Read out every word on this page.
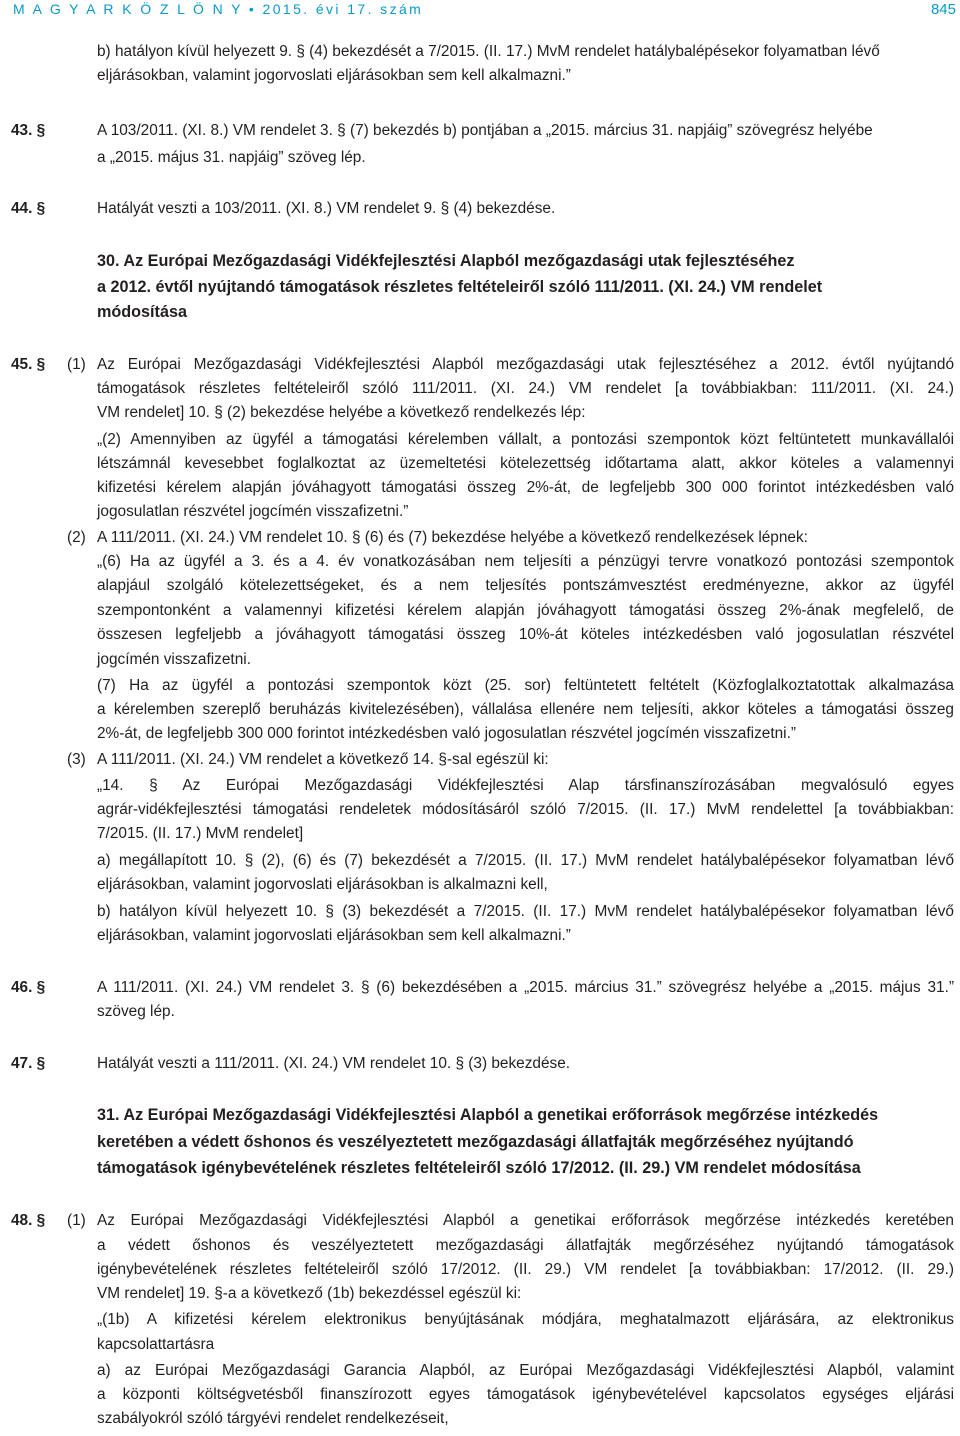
M A G Y A R K Ö Z L Ö N Y • 2015. évi 17. szám	845
b) hatályon kívül helyezett 9. § (4) bekezdését a 7/2015. (II. 17.) MvM rendelet hatálybalépésekor folyamatban lévő
eljárásokban, valamint jogorvoslati eljárásokban sem kell alkalmazni.”
43. §	A 103/2011. (XI. 8.) VM rendelet 3. § (7) bekezdés b) pontjában a „2015. március 31. napjáig” szövegrész helyébe
a „2015. május 31. napjáig” szöveg lép.
44. §	Hatályát veszti a 103/2011. (XI. 8.) VM rendelet 9. § (4) bekezdése.
30. Az Európai Mezőgazdasági Vidékfejlesztési Alapból mezőgazdasági utak fejlesztéséhez
a 2012. évtől nyújtandó támogatások részletes feltételeiről szóló 111/2011. (XI. 24.) VM rendelet
módosítása
45. § (1) Az Európai Mezőgazdasági Vidékfejlesztési Alapból mezőgazdasági utak fejlesztéséhez a 2012. évtől nyújtandó
támogatások részletes feltételeiről szóló 111/2011. (XI. 24.) VM rendelet [a továbbiakban: 111/2011. (XI. 24.)
VM rendelet] 10. § (2) bekezdése helyébe a következő rendelkezés lép:
„(2) Amennyiben az ügyfél a támogatási kérelemben vállalt, a pontozási szempontok közt feltüntetett munkavállalói
létszámnál kevesebbet foglalkoztat az üzemeltetési kötelezettség időtartama alatt, akkor köteles a valamennyi
kifizetési kérelem alapján jóváhagyott támogatási összeg 2%-át, de legfeljebb 300 000 forintot intézkedésben való
jogosulatlan részvétel jogcímén visszafizetni.”
(2) A 111/2011. (XI. 24.) VM rendelet 10. § (6) és (7) bekezdése helyébe a következő rendelkezések lépnek:
„(6) Ha az ügyfél a 3. és a 4. év vonatkozásában nem teljesíti a pénzügyi tervre vonatkozó pontozási szempontok
alapjául szolgáló kötelezettségeket, és a nem teljesítés pontszámvesztést eredményezne, akkor az ügyfél
szempontonként a valamennyi kifizetési kérelem alapján jóváhagyott támogatási összeg 2%-ának megfelelő, de
összesen legfeljebb a jóváhagyott támogatási összeg 10%-át köteles intézkedésben való jogosulatlan részvétel
jogcímén visszafizetni.
(7) Ha az ügyfél a pontozási szempontok közt (25. sor) feltüntetett feltételt (Közfoglalkoztatottak alkalmazása
a kérelemben szereplő beruházás kivitelezésében), vállalása ellenére nem teljesíti, akkor köteles a támogatási összeg
2%-át, de legfeljebb 300 000 forintot intézkedésben való jogosulatlan részvétel jogcímén visszafizetni.”
(3) A 111/2011. (XI. 24.) VM rendelet a következő 14. §-sal egészül ki:
„14. § Az Európai Mezőgazdasági Vidékfejlesztési Alap társfinanszírozásában megvalósuló egyes
agrár-vidékfejlesztési támogatási rendeletek módosításáról szóló 7/2015. (II. 17.) MvM rendelettel [a továbbiakban:
7/2015. (II. 17.) MvM rendelet]
a) megállapított 10. § (2), (6) és (7) bekezdését a 7/2015. (II. 17.) MvM rendelet hatálybalépésekor folyamatban lévő
eljárásokban, valamint jogorvoslati eljárásokban is alkalmazni kell,
b) hatályon kívül helyezett 10. § (3) bekezdését a 7/2015. (II. 17.) MvM rendelet hatálybalépésekor folyamatban lévő
eljárásokban, valamint jogorvoslati eljárásokban sem kell alkalmazni.”
46. §	A 111/2011. (XI. 24.) VM rendelet 3. § (6) bekezdésében a „2015. március 31.” szövegrész helyébe a „2015. május 31.”
szöveg lép.
47. §	Hatályát veszti a 111/2011. (XI. 24.) VM rendelet 10. § (3) bekezdése.
31. Az Európai Mezőgazdasági Vidékfejlesztési Alapból a genetikai erőforrások megőrzése intézkedés
keretében a védett őshonos és veszélyeztetett mezőgazdasági állatfajták megőrzéséhez nyújtandó
támogatások igénybevételének részletes feltételeiről szóló 17/2012. (II. 29.) VM rendelet módosítása
48. § (1) Az Európai Mezőgazdasági Vidékfejlesztési Alapból a genetikai erőforrások megőrzése intézkedés keretében
a védett őshonos és veszélyeztetett mezőgazdasági állatfajták megőrzéséhez nyújtandó támogatások
igénybevételének részletes feltételeiről szóló 17/2012. (II. 29.) VM rendelet [a továbbiakban: 17/2012. (II. 29.)
VM rendelet] 19. §-a a következő (1b) bekezdéssel egészül ki:
„(1b) A kifizetési kérelem elektronikus benyújtásának módjára, meghatalmazott eljárására, az elektronikus
kapcsolattartásra
a) az Európai Mezőgazdasági Garancia Alapból, az Európai Mezőgazdasági Vidékfejlesztési Alapból, valamint
a központi költségvetésből finanszírozott egyes támogatások igénybevételével kapcsolatos egységes eljárási
szabályokról szóló tárgyévi rendelet rendelkezéseit,
